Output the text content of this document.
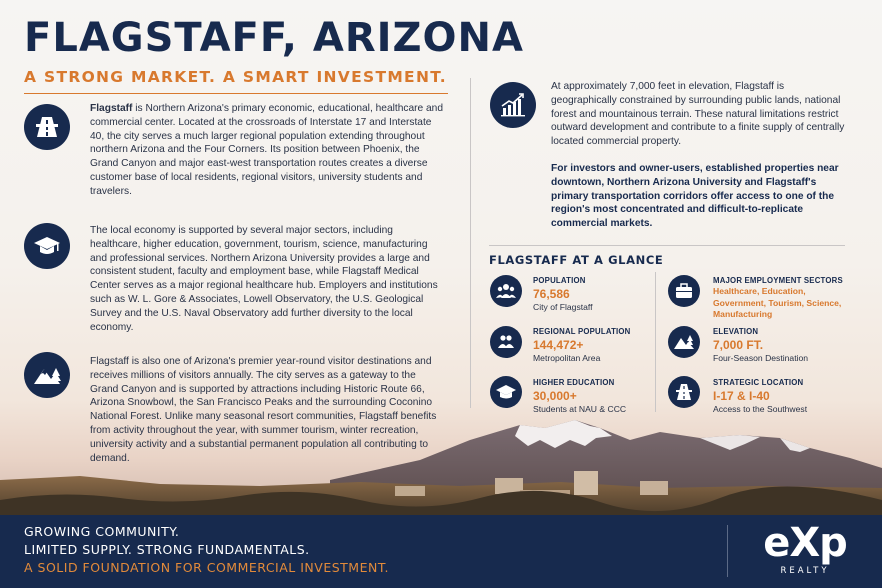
FLAGSTAFF, ARIZONA

A STRONG MARKET. A SMART INVESTMENT.

Flagstaff is Northern Arizona's primary economic, educational, healthcare and commercial center. Located at the crossroads of Interstate 17 and Interstate 40, the city serves a much larger regional population extending throughout northern Arizona and the Four Corners. Its position between Phoenix, the Grand Canyon and major east-west transportation routes creates a diverse customer base of local residents, regional visitors, university students and travelers.

The local economy is supported by several major sectors, including healthcare, higher education, government, tourism, science, manufacturing and professional services. Northern Arizona University provides a large and consistent student, faculty and employment base, while Flagstaff Medical Center serves as a major regional healthcare hub. Employers and institutions such as W. L. Gore & Associates, Lowell Observatory, the U.S. Geological Survey and the U.S. Naval Observatory add further diversity to the local economy.

Flagstaff is also one of Arizona's premier year-round visitor destinations and receives millions of visitors annually. The city serves as a gateway to the Grand Canyon and is supported by attractions including Historic Route 66, Arizona Snowbowl, the San Francisco Peaks and the surrounding Coconino National Forest. Unlike many seasonal resort communities, Flagstaff benefits from activity throughout the year, with summer tourism, winter recreation, university activity and a substantial permanent population all contributing to demand.

At approximately 7,000 feet in elevation, Flagstaff is geographically constrained by surrounding public lands, national forest and mountainous terrain. These natural limitations restrict outward development and contribute to a finite supply of centrally located commercial property.

For investors and owner-users, established properties near downtown, Northern Arizona University and Flagstaff's primary transportation corridors offer access to one of the region's most concentrated and difficult-to-replicate commercial markets.

FLAGSTAFF AT A GLANCE
POPULATION
76,586
City of Flagstaff
REGIONAL POPULATION
144,472+
Metropolitan Area
HIGHER EDUCATION
30,000+
Students at NAU & CCC
MAJOR EMPLOYMENT SECTORS
Healthcare, Education, Government, Tourism, Science, Manufacturing
ELEVATION
7,000 FT.
Four-Season Destination
STRATEGIC LOCATION
I-17 & I-40
Access to the Southwest

GROWING COMMUNITY.

LIMITED SUPPLY. STRONG FUNDAMENTALS.

A SOLID FOUNDATION FOR COMMERCIAL INVESTMENT.

eXp
REALTY
